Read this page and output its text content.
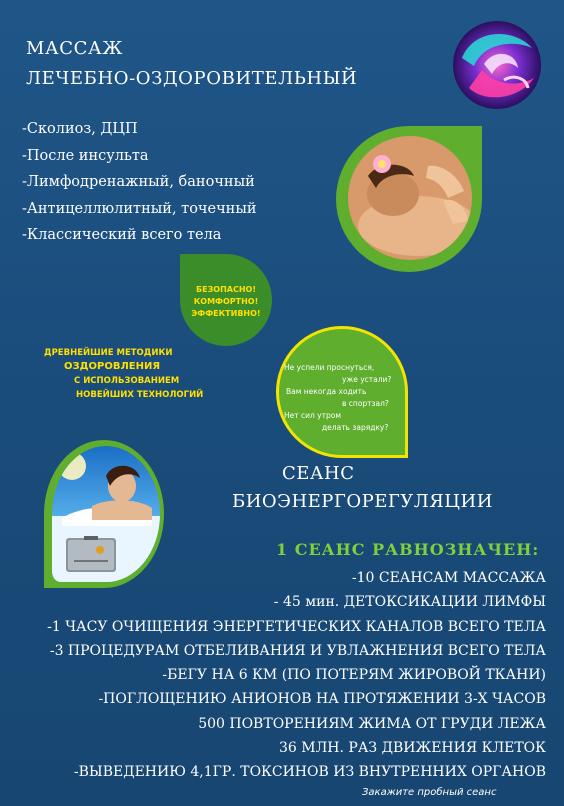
МАССАЖ
ЛЕЧЕБНО-ОЗДОРОВИТЕЛЬНЫЙ
-Сколиоз, ДЦП
-После инсульта
-Лимфодренажный, баночный
-Антицеллюлитный, точечный
-Классический всего тела
БЕЗОПАСНО!
КОМФОРТНО!
ЭФФЕКТИВНО!
ДРЕВНЕЙШИЕ МЕТОДИКИ
ОЗДОРОВЛЕНИЯ
С ИСПОЛЬЗОВАНИЕМ
НОВЕЙШИХ ТЕХНОЛОГИЙ
Не успели проснуться,
уже устали?
Вам некогда ходить
в спортзал?
Нет сил утром
делать зарядку?
СЕАНС
БИОЭНЕРГОРЕГУЛЯЦИИ
1 СЕАНС РАВНОЗНАЧЕН:
-10 СЕАНСАМ МАССАЖА
- 45 мин. ДЕТОКСИКАЦИИ ЛИМФЫ
-1 ЧАСУ ОЧИЩЕНИЯ ЭНЕРГЕТИЧЕСКИХ КАНАЛОВ ВСЕГО ТЕЛА
-3 ПРОЦЕДУРАМ ОТБЕЛИВАНИЯ И УВЛАЖНЕНИЯ ВСЕГО ТЕЛА
-БЕГУ НА 6 КМ (ПО ПОТЕРЯМ ЖИРОВОЙ ТКАНИ)
-ПОГЛОЩЕНИЮ АНИОНОВ НА ПРОТЯЖЕНИИ 3-Х ЧАСОВ
500 ПОВТОРЕНИЯМ ЖИМА ОТ ГРУДИ ЛЕЖА
36 МЛН. РАЗ ДВИЖЕНИЯ КЛЕТОК
-ВЫВЕДЕНИЮ 4,1ГР. ТОКСИНОВ ИЗ ВНУТРЕННИХ ОРГАНОВ
Закажите пробный сеанс
